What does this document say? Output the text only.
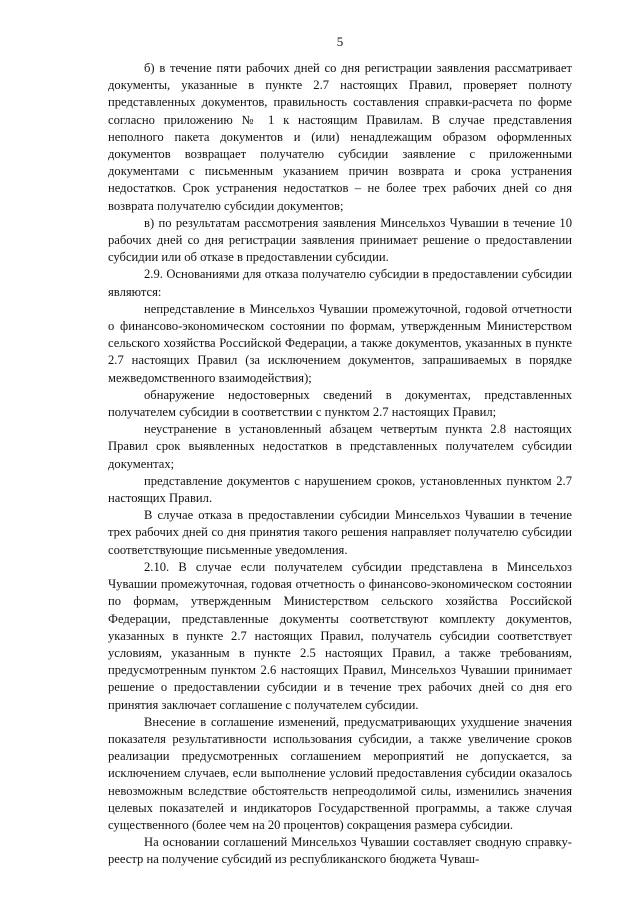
5

б) в течение пяти рабочих дней со дня регистрации заявления рассматривает документы, указанные в пункте 2.7 настоящих Правил, проверяет полноту представленных документов, правильность составления справки-расчета по форме согласно приложению № 1 к настоящим Правилам. В случае представления неполного пакета документов и (или) ненадлежащим образом оформленных документов возвращает получателю субсидии заявление с приложенными документами с письменным указанием причин возврата и срока устранения недостатков. Срок устранения недостатков – не более трех рабочих дней со дня возврата получателю субсидии документов;

в) по результатам рассмотрения заявления Минсельхоз Чувашии в течение 10 рабочих дней со дня регистрации заявления принимает решение о предоставлении субсидии или об отказе в предоставлении субсидии.

2.9. Основаниями для отказа получателю субсидии в предоставлении субсидии являются:

непредставление в Минсельхоз Чувашии промежуточной, годовой отчетности о финансово-экономическом состоянии по формам, утвержденным Министерством сельского хозяйства Российской Федерации, а также документов, указанных в пункте 2.7 настоящих Правил (за исключением документов, запрашиваемых в порядке межведомственного взаимодействия);

обнаружение недостоверных сведений в документах, представленных получателем субсидии в соответствии с пунктом 2.7 настоящих Правил;

неустранение в установленный абзацем четвертым пункта 2.8 настоящих Правил срок выявленных недостатков в представленных получателем субсидии документах;

представление документов с нарушением сроков, установленных пунктом 2.7 настоящих Правил.

В случае отказа в предоставлении субсидии Минсельхоз Чувашии в течение трех рабочих дней со дня принятия такого решения направляет получателю субсидии соответствующие письменные уведомления.

2.10. В случае если получателем субсидии представлена в Минсельхоз Чувашии промежуточная, годовая отчетность о финансово-экономическом состоянии по формам, утвержденным Министерством сельского хозяйства Российской Федерации, представленные документы соответствуют комплекту документов, указанных в пункте 2.7 настоящих Правил, получатель субсидии соответствует условиям, указанным в пункте 2.5 настоящих Правил, а также требованиям, предусмотренным пунктом 2.6 настоящих Правил, Минсельхоз Чувашии принимает решение о предоставлении субсидии и в течение трех рабочих дней со дня его принятия заключает соглашение с получателем субсидии.

Внесение в соглашение изменений, предусматривающих ухудшение значения показателя результативности использования субсидии, а также увеличение сроков реализации предусмотренных соглашением мероприятий не допускается, за исключением случаев, если выполнение условий предоставления субсидии оказалось невозможным вследствие обстоятельств непреодолимой силы, изменились значения целевых показателей и индикаторов Государственной программы, а также случая существенного (более чем на 20 процентов) сокращения размера субсидии.

На основании соглашений Минсельхоз Чувашии составляет сводную справку-реестр на получение субсидий из республиканского бюджета Чуваш-
